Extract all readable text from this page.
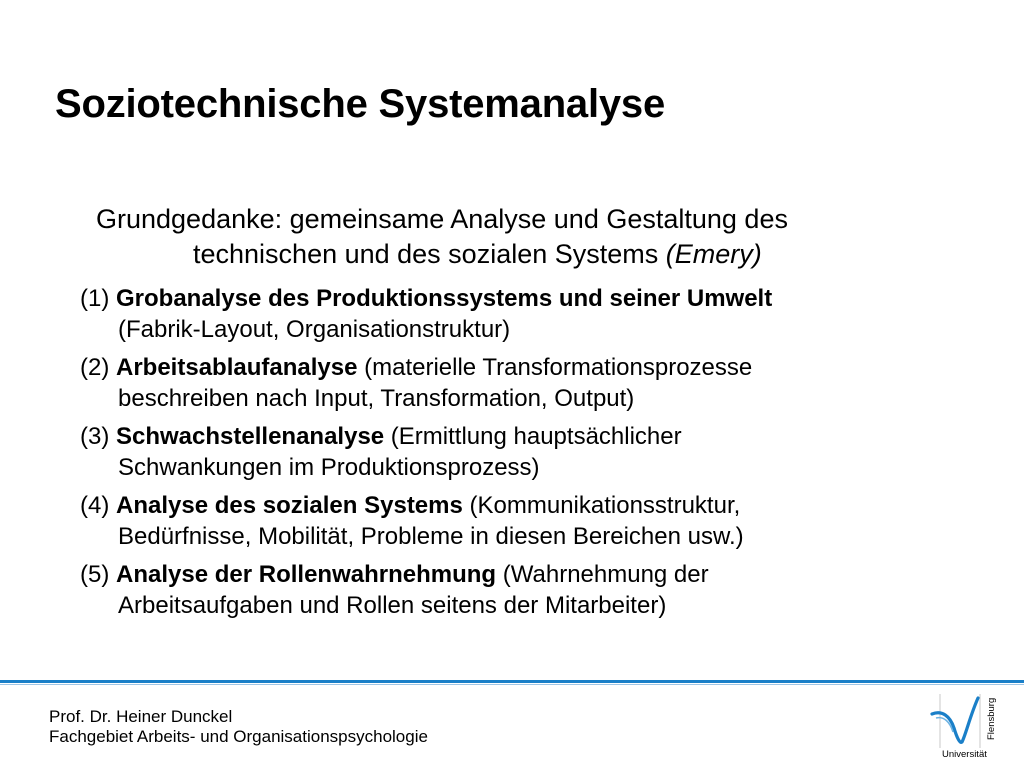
Soziotechnische Systemanalyse
Grundgedanke: gemeinsame Analyse und Gestaltung des
technischen und des sozialen Systems (Emery)
(1) Grobanalyse des Produktionssystems und seiner Umwelt
(Fabrik-Layout, Organisationstruktur)
(2) Arbeitsablaufanalyse (materielle Transformationsprozesse
beschreiben nach Input, Transformation, Output)
(3) Schwachstellenanalyse (Ermittlung hauptsächlicher
Schwankungen im Produktionsprozess)
(4) Analyse des sozialen Systems (Kommunikationsstruktur,
Bedürfnisse, Mobilität, Probleme in diesen Bereichen usw.)
(5) Analyse der Rollenwahrnehmung (Wahrnehmung der
Arbeitsaufgaben und Rollen seitens der Mitarbeiter)
Prof. Dr. Heiner Dunckel
Fachgebiet Arbeits- und Organisationspsychologie	Flensburg
Universität
